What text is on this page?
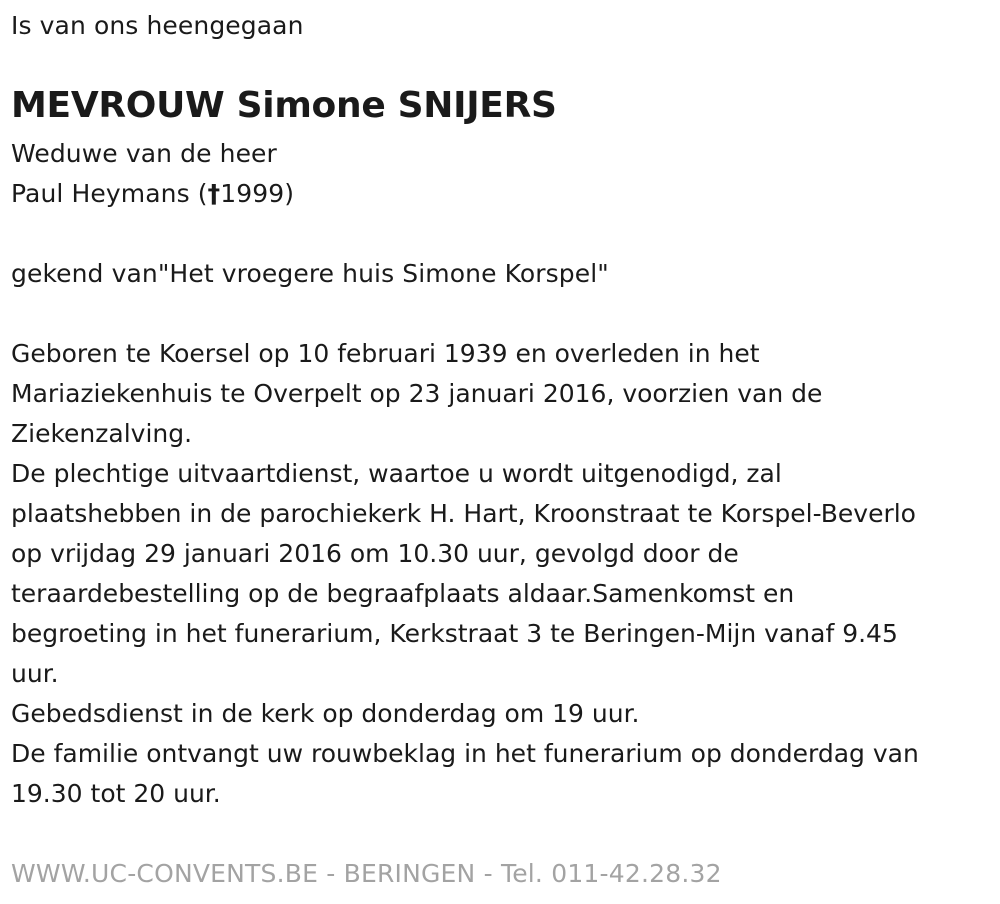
Is van ons heengegaan
MEVROUW Simone SNIJERS
Weduwe van de heer
Paul Heymans (†1999)
gekend van"Het vroegere huis Simone Korspel"

Geboren te Koersel op 10 februari 1939 en overleden in het

Mariaziekenhuis te Overpelt op 23 januari 2016, voorzien van de

Ziekenzalving.

De plechtige uitvaartdienst, waartoe u wordt uitgenodigd, zal

plaatshebben in de parochiekerk H. Hart, Kroonstraat te Korspel-Beverlo

op vrijdag 29 januari 2016 om 10.30 uur, gevolgd door de

teraardebestelling op de begraafplaats aldaar.Samenkomst en

begroeting in het funerarium, Kerkstraat 3 te Beringen-Mijn vanaf 9.45

uur.

Gebedsdienst in de kerk op donderdag om 19 uur.

De familie ontvangt uw rouwbeklag in het funerarium op donderdag van

19.30 tot 20 uur.

WWW.UC-CONVENTS.BE - BERINGEN - Tel. 011-42.28.32
